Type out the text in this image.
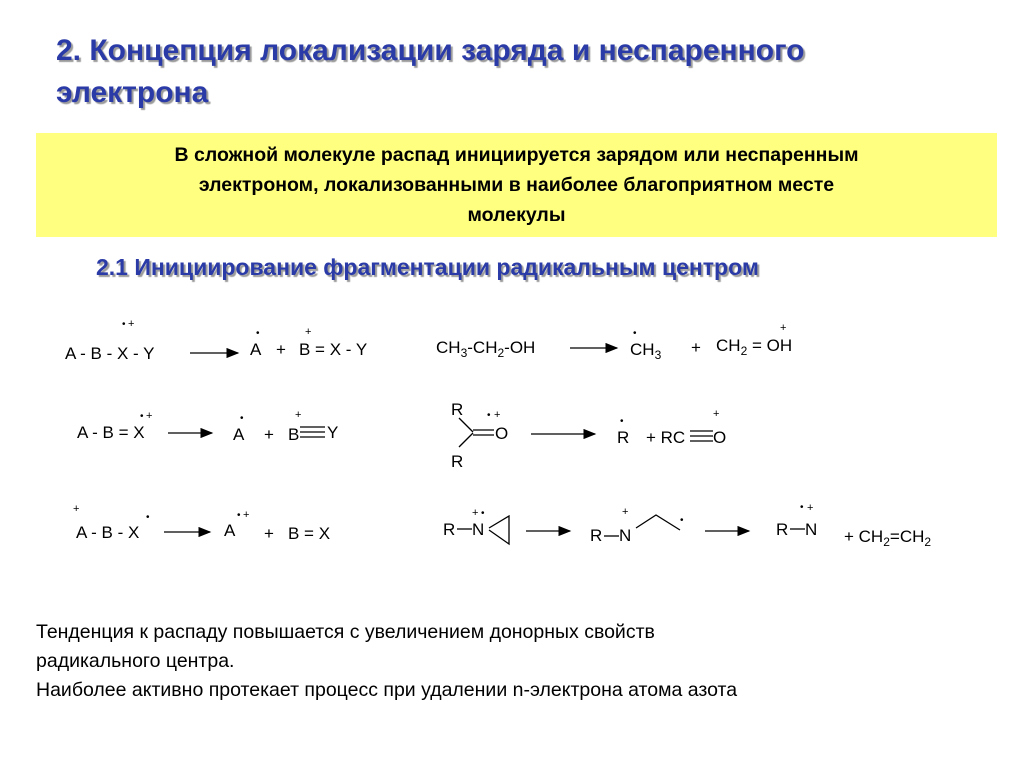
2. Концепция локализации заряда и неспаренного
электрона
В сложной молекуле распад инициируется зарядом или неспаренным
электроном, локализованными в наиболее благоприятном месте
молекулы
2.1 Инициирование фрагментации радикальным центром
A - B - X - Y
• +
A
•
+ B = X - Y
+
$CH_3-CH_2-OH$	$CH_3$
•
+ $CH_2$ = OH
+
A - B = X
• +
A
•
+ B
+
Y
R
R
O
• +
R
•
+ RC O
+
+
A - B - X
•
A
• +
+ B = X	R N
+ •
R N
+
•	R N
• +
+ $CH_2=CH_2$
Тенденция к распаду повышается с увеличением донорных свойств
радикального центра.
Наиболее активно протекает процесс при удалении n-электрона атома азота
